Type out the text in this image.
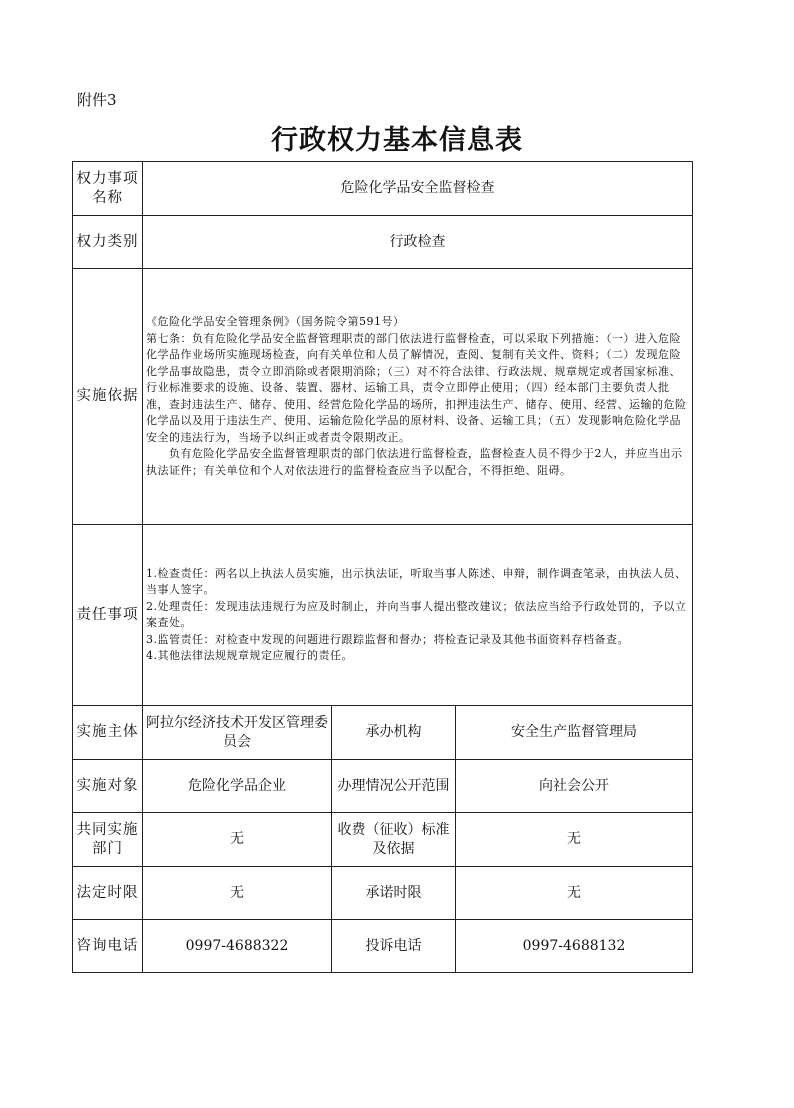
附件3
行政权力基本信息表
权力事项名称	危险化学品安全监督检查		
权力类别	行政检查		
实施依据	《危险化学品安全管理条例》（国务院令第591号）
第七条：负有危险化学品安全监督管理职责的部门依法进行监督检查，可以采取下列措施：（一）进入危险化学品作业场所实施现场检查，向有关单位和人员了解情况，查阅、复制有关文件、资料；（二）发现危险化学品事故隐患，责令立即消除或者限期消除；（三）对不符合法律、行政法规、规章规定或者国家标准、行业标准要求的设施、设备、装置、器材、运输工具，责令立即停止使用；（四）经本部门主要负责人批准，查封违法生产、储存、使用、经营危险化学品的场所，扣押违法生产、储存、使用、经营、运输的危险化学品以及用于违法生产、使用、运输危险化学品的原材料、设备、运输工具；（五）发现影响危险化学品安全的违法行为，当场予以纠正或者责令限期改正。
　　负有危险化学品安全监督管理职责的部门依法进行监督检查，监督检查人员不得少于2人，并应当出示执法证件；有关单位和个人对依法进行的监督检查应当予以配合，不得拒绝、阻碍。		

责任事项	1.检查责任：两名以上执法人员实施，出示执法证，听取当事人陈述、申辩，制作调查笔录，由执法人员、当事人签字。
2.处理责任：发现违法违规行为应及时制止，并向当事人提出整改建议；依法应当给予行政处罚的，予以立案查处。
3.监管责任：对检查中发现的问题进行跟踪监督和督办；将检查记录及其他书面资料存档备查。
4.其他法律法规规章规定应履行的责任。		

实施主体	阿拉尔经济技术开发区管理委员会	承办机构	安全生产监督管理局
实施对象	危险化学品企业	办理情况公开范围	向社会公开
共同实施部门	无	收费（征收）标准及依据	无
法定时限	无	承诺时限	无
咨询电话	0997-4688322	投诉电话	0997-4688132
